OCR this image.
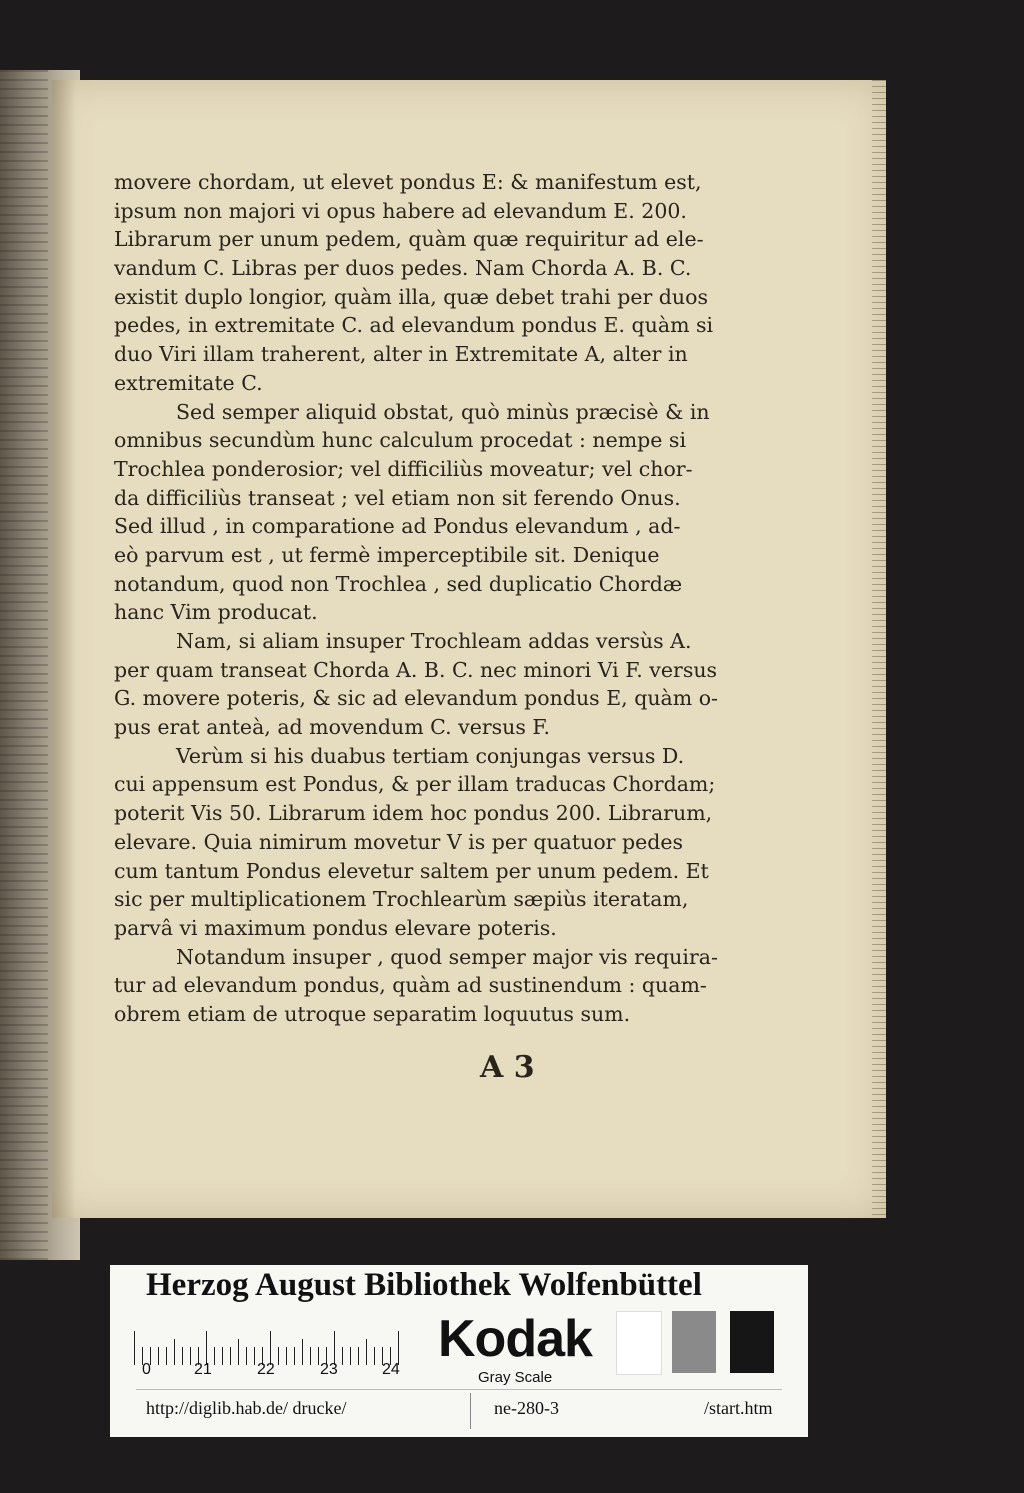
movere chordam, ut elevet pondus E: & manifestum est,
ipsum non majori vi opus habere ad elevandum E. 200.
Librarum per unum pedem, quàm quæ requiritur ad ele-
vandum C. Libras per duos pedes. Nam Chorda A. B. C.
existit duplo longior, quàm illa, quæ debet trahi per duos
pedes, in extremitate C. ad elevandum pondus E. quàm si
duo Viri illam traherent, alter in Extremitate A, alter in
extremitate C.
Sed semper aliquid obstat, quò minùs præcisè & in
omnibus secundùm hunc calculum procedat : nempe si
Trochlea ponderosior; vel difficiliùs moveatur; vel chor-
da difficiliùs transeat ; vel etiam non sit ferendo Onus.
Sed illud , in comparatione ad Pondus elevandum , ad-
eò parvum est , ut fermè imperceptibile sit. Denique
notandum, quod non Trochlea , sed duplicatio Chordæ
hanc Vim producat.
Nam, si aliam insuper Trochleam addas versùs A.
per quam transeat Chorda A. B. C. nec minori Vi F. versus
G. movere poteris, & sic ad elevandum pondus E, quàm o-
pus erat anteà, ad movendum C. versus F.
Verùm si his duabus tertiam conjungas versus D.
cui appensum est Pondus, & per illam traducas Chordam;
poterit Vis 50. Librarum idem hoc pondus 200. Librarum,
elevare. Quia nimirum movetur V is per quatuor pedes
cum tantum Pondus elevetur saltem per unum pedem. Et
sic per multiplicationem Trochlearùm sæpiùs iteratam,
parvâ vi maximum pondus elevare poteris.
Notandum insuper , quod semper major vis requira-
tur ad elevandum pondus, quàm ad sustinendum : quam-
obrem etiam de utroque separatim loquutus sum.
A 3
Herzog August Bibliothek Wolfenbüttel
0	21	22	23	24
Kodak
Gray Scale
http://diglib.hab.de/ drucke/	ne-280-3	/start.htm
